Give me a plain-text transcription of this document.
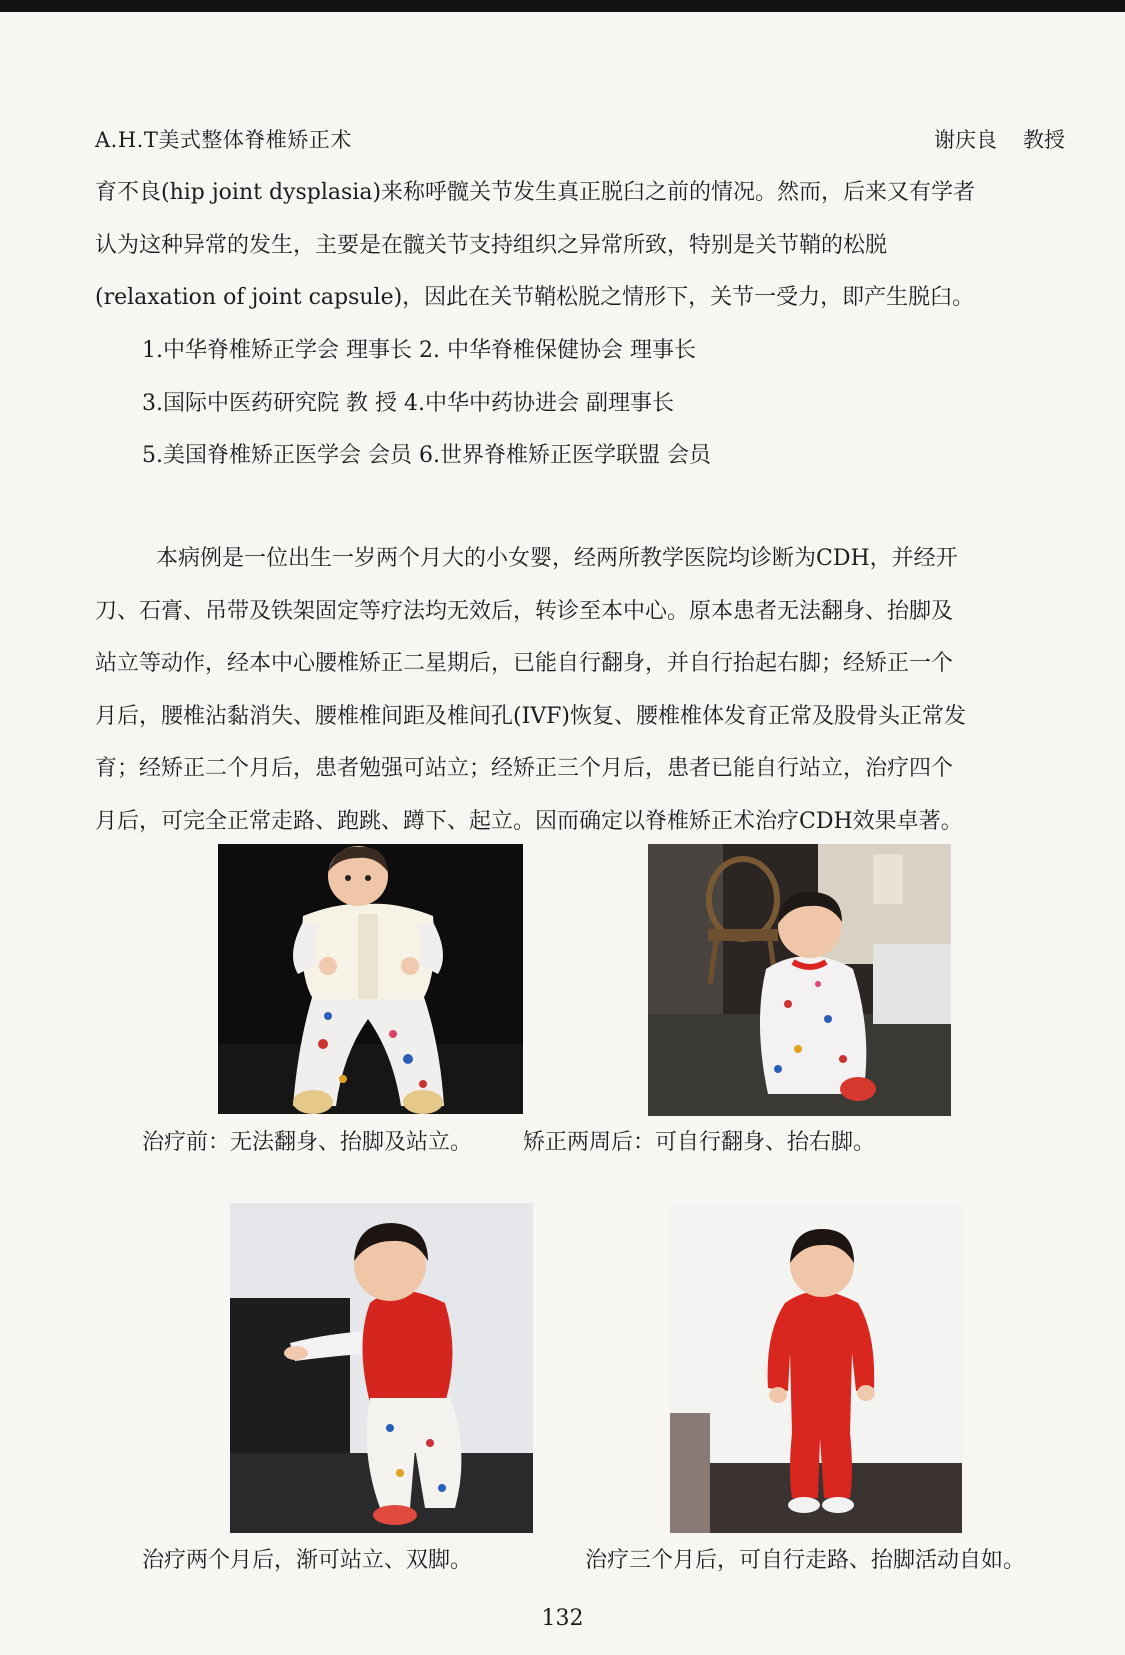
A.H.T美式整体脊椎矫正术	谢庆良 教授
育不良(hip joint dysplasia)来称呼髋关节发生真正脱臼之前的情况。然而，后来又有学者
认为这种异常的发生，主要是在髋关节支持组织之异常所致，特别是关节鞘的松脱
(relaxation of joint capsule)，因此在关节鞘松脱之情形下，关节一受力，即产生脱臼。
1.中华脊椎矫正学会 理事长 2. 中华脊椎保健协会 理事长
3.国际中医药研究院 教 授 4.中华中药协进会 副理事长
5.美国脊椎矫正医学会 会员 6.世界脊椎矫正医学联盟 会员
本病例是一位出生一岁两个月大的小女婴，经两所教学医院均诊断为CDH，并经开
刀、石膏、吊带及铁架固定等疗法均无效后，转诊至本中心。原本患者无法翻身、抬脚及
站立等动作，经本中心腰椎矫正二星期后，已能自行翻身，并自行抬起右脚；经矫正一个
月后，腰椎沾黏消失、腰椎椎间距及椎间孔(IVF)恢复、腰椎椎体发育正常及股骨头正常发
育；经矫正二个月后，患者勉强可站立；经矫正三个月后，患者已能自行站立，治疗四个
月后，可完全正常走路、跑跳、蹲下、起立。因而确定以脊椎矫正术治疗CDH效果卓著。
治疗前：无法翻身、抬脚及站立。 矫正两周后：可自行翻身、抬右脚。
治疗两个月后，渐可站立、双脚。	治疗三个月后，可自行走路、抬脚活动自如。
132
